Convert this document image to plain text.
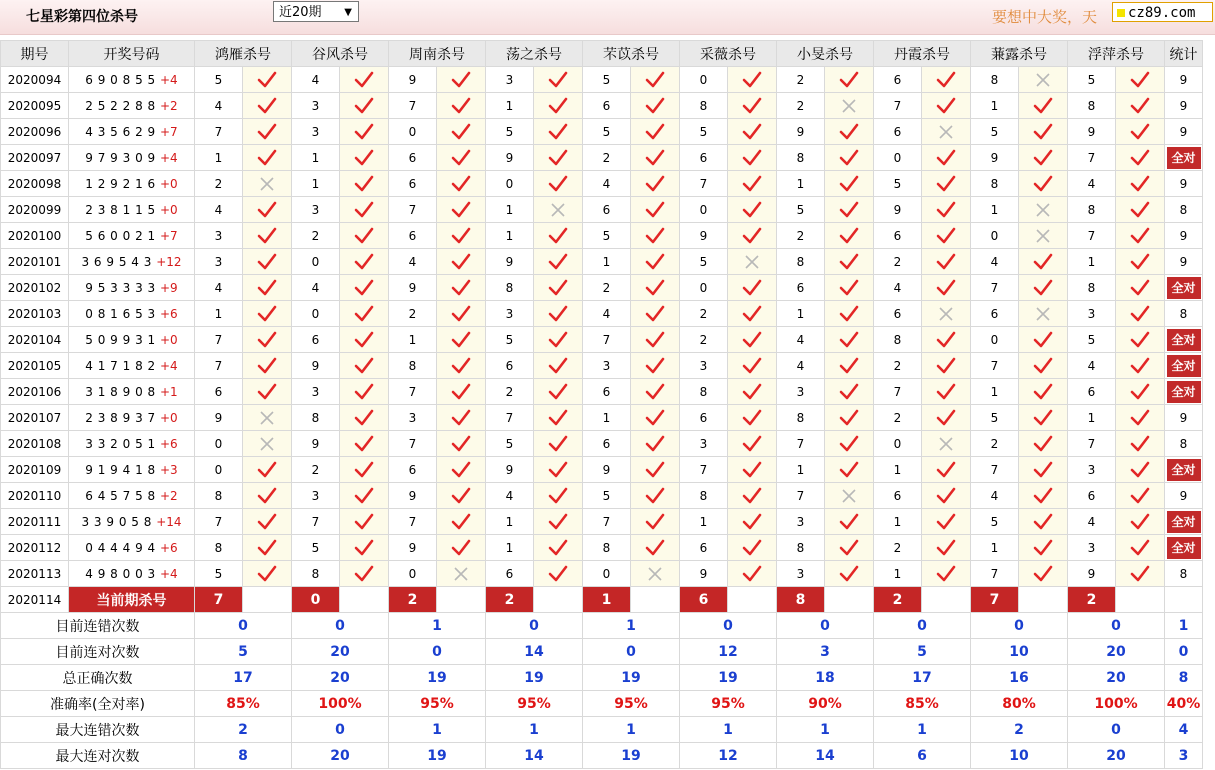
七星彩第四位杀号	近20期 ▼	要想中大奖，天	cz89.com
期号	开奖号码	鸿雁杀号		谷风杀号		周南杀号		荡之杀号		芣苡杀号		采薇杀号		小旻杀号		丹霞杀号		蒹露杀号		浮萍杀号		统计
2020094	6 9 0 8 5 5 +4	5		4		9		3		5		0		2		6		8		5		9
2020095	2 5 2 2 8 8 +2	4		3		7		1		6		8		2		7		1		8		9
2020096	4 3 5 6 2 9 +7	7		3		0		5		5		5		9		6		5		9		9
2020097	9 7 9 3 0 9 +4	1		1		6		9		2		6		8		0		9		7		全对
2020098	1 2 9 2 1 6 +0	2		1		6		0		4		7		1		5		8		4		9
2020099	2 3 8 1 1 5 +0	4		3		7		1		6		0		5		9		1		8		8
2020100	5 6 0 0 2 1 +7	3		2		6		1		5		9		2		6		0		7		9
2020101	3 6 9 5 4 3 +12	3		0		4		9		1		5		8		2		4		1		9
2020102	9 5 3 3 3 3 +9	4		4		9		8		2		0		6		4		7		8		全对
2020103	0 8 1 6 5 3 +6	1		0		2		3		4		2		1		6		6		3		8
2020104	5 0 9 9 3 1 +0	7		6		1		5		7		2		4		8		0		5		全对
2020105	4 1 7 1 8 2 +4	7		9		8		6		3		3		4		2		7		4		全对
2020106	3 1 8 9 0 8 +1	6		3		7		2		6		8		3		7		1		6		全对
2020107	2 3 8 9 3 7 +0	9		8		3		7		1		6		8		2		5		1		9
2020108	3 3 2 0 5 1 +6	0		9		7		5		6		3		7		0		2		7		8
2020109	9 1 9 4 1 8 +3	0		2		6		9		9		7		1		1		7		3		全对
2020110	6 4 5 7 5 8 +2	8		3		9		4		5		8		7		6		4		6		9
2020111	3 3 9 0 5 8 +14	7		7		7		1		7		1		3		1		5		4		全对
2020112	0 4 4 4 9 4 +6	8		5		9		1		8		6		8		2		1		3		全对
2020113	4 9 8 0 0 3 +4	5		8		0		6		0		9		3		1		7		9		8
2020114	当前期杀号	7		0		2		2		1		6		8		2		7		2		
目前连错次数		0		0		1		0		1		0		0		0		0		0		1
目前连对次数		5		20		0		14		0		12		3		5		10		20		0
总正确次数		17		20		19		19		19		19		18		17		16		20		8
准确率(全对率)		85%		100%		95%		95%		95%		95%		90%		85%		80%		100%		40%
最大连错次数		2		0		1		1		1		1		1		1		2		0		4
最大连对次数		8		20		19		14		19		12		14		6		10		20		3
